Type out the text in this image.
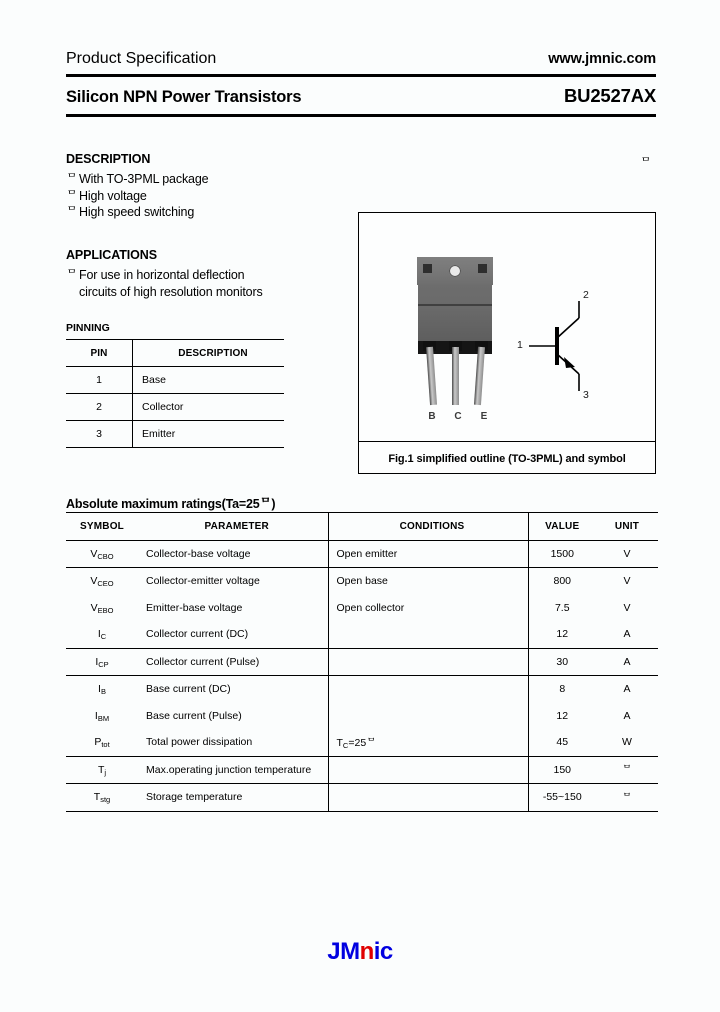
Product Specification	www.jmnic.com
Silicon NPN Power Transistors	BU2527AX
DESCRIPTION
ᄆ With TO-3PML package
ᄆ High voltage
ᄆ High speed switching
ᄆ
APPLICATIONS
ᄆ For use in horizontal deflection
circuits of high resolution monitors
PINNING
PIN	DESCRIPTION
1	Base
2	Collector
3	Emitter
B	C	E
1
2
3
Fig.1 simplified outline (TO-3PML) and symbol
Absolute maximum ratings(Ta=25ᄆ)
SYMBOL	PARAMETER	CONDITIONS	VALUE	UNIT
$V_{CBO}$	Collector-base voltage	Open emitter	1500	V
$V_{CEO}$	Collector-emitter voltage	Open base	800	V
$V_{EBO}$	Emitter-base voltage	Open collector	7.5	V
$I_C$	Collector current (DC)		12	A
$I_{CP}$	Collector current (Pulse)		30	A
$I_B$	Base current (DC)		8	A
$I_{BM}$	Base current (Pulse)		12	A
$P_{tot}$	Total power dissipation	$T_C=25ᄆ$	45	W
$T_j$	Max.operating junction temperature		150	ᄆ
$T_{stg}$	Storage temperature		-55~150	ᄆ
JMnic
